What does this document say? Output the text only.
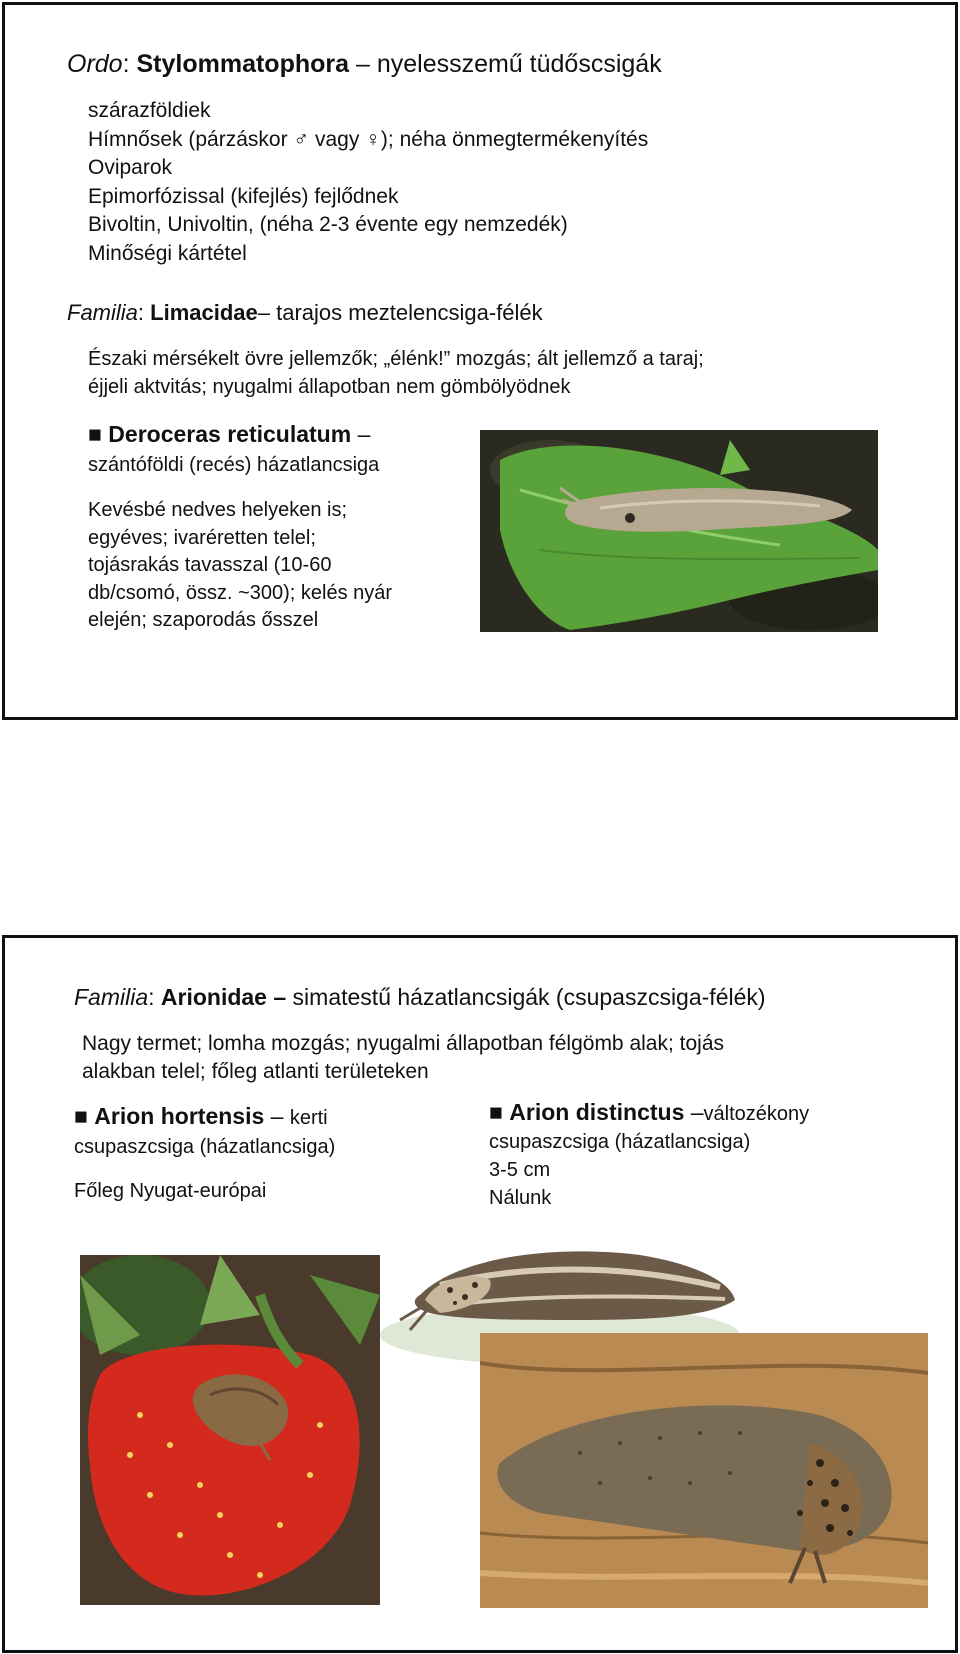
Ordo: Stylommatophora – nyelesszemű tüdőscsigák
szárazföldiek
Hímnősek (párzáskor ♂ vagy ♀); néha önmegtermékenyítés
Oviparok
Epimorfózissal (kifejlés) fejlődnek
Bivoltin, Univoltin, (néha 2-3 évente egy nemzedék)
Minőségi kártétel
Familia: Limacidae– tarajos meztelencsiga-félék
Északi mérsékelt övre jellemzők; „élénk!” mozgás; ált jellemző a taraj;
éjjeli aktvitás; nyugalmi állapotban nem gömbölyödnek
■ Deroceras reticulatum –
szántóföldi (recés) házatlancsiga
Kevésbé nedves helyeken is;
egyéves; ivaréretten telel;
tojásrakás tavasszal (10-60
db/csomó, össz. ~300); kelés nyár
elején; szaporodás ősszel
Familia: Arionidae – simatestű házatlancsigák (csupaszcsiga-félék)
Nagy termet; lomha mozgás; nyugalmi állapotban félgömb alak; tojás
alakban telel; főleg atlanti területeken
■ Arion hortensis – kerti
csupaszcsiga (házatlancsiga)
Főleg Nyugat-európai
■ Arion distinctus –változékony
csupaszcsiga (házatlancsiga)
3-5 cm
Nálunk
